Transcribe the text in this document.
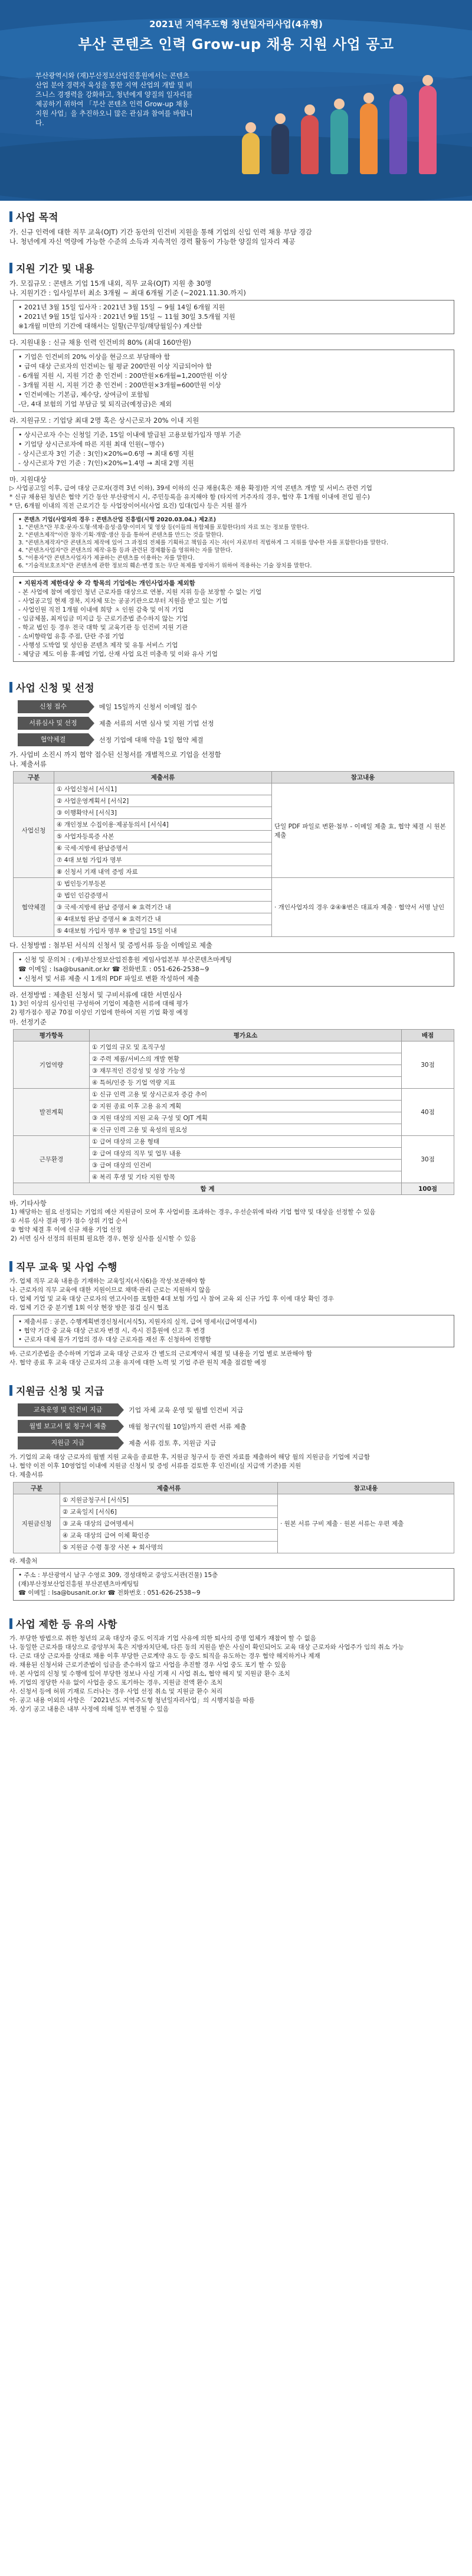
2021년 지역주도형 청년일자리사업(4유형)
부산 콘텐츠 인력 Grow-up 채용 지원 사업 공고
부산광역시와 (재)부산정보산업진흥원에서는 콘텐츠 산업 분야 경력자 육성을 통한 지역 산업의 개발 및 비즈니스 경쟁력을 강화하고, 청년에게 양질의 일자리를 제공하기 위하여 「부산 콘텐츠 인력 Grow-up 채용 지원 사업」을 추진하오니 많은 관심과 참여를 바랍니다.
사업 목적
가. 신규 인력에 대한 직무 교육(OJT) 기간 동안의 인건비 지원을 통해 기업의 신입 인력 채용 부담 경감
나. 청년에게 자신 역량에 가능한 수준의 소득과 지속적인 경력 활동이 가능한 양질의 일자리 제공
지원 기간 및 내용
가. 모집규모 : 콘텐츠 기업 15개 내외, 직무 교육(OJT) 지원 총 30명
나. 지원기간 : 입사일부터 최소 3개월 ~ 최대 6개월 기준 (~2021.11.30.까지)
• 2021년 3월 15일 입사자 : 2021년 3월 15일 ~ 9월 14일 6개월 지원
• 2021년 9월 15일 입사자 : 2021년 9월 15일 ~ 11월 30일 3.5개월 지원
※1개월 미만의 기간에 대해서는 일할(근무일/해당월일수) 계산함
다. 지원내용 : 신규 채용 인력 인건비의 80% (최대 160만원)
• 기업은 인건비의 20% 이상을 현금으로 부담해야 함
• 급여 대상 근로자의 인건비는 월 평균 200만원 이상 지급되어야 함
- 6개월 지원 시, 지원 기간 총 인건비 : 200만원×6개월=1,200만원 이상
- 3개월 지원 시, 지원 기간 총 인건비 : 200만원×3개월=600만원 이상
• 인건비에는 기본급, 제수당, 상여금이 포함됨
-단, 4대 보험의 기업 부담금 및 퇴직금(예정금)은 제외
라. 지원규모 : 기업당 최대 2명 혹은 상시근로자 20% 이내 지원
• 상시근로자 수는 신청일 기준, 15일 이내에 발급된 고용보험가입자 명부 기준
• 기업당 상시근로자에 따른 지원 최대 인원(~명수)
- 상시근로자 3인 기준 : 3(인)×20%=0.6명 → 최대 6명 지원
- 상시근로자 7인 기준 : 7(인)×20%=1.4명 → 최대 2명 지원
마. 지원대상
▷ 사업공고일 이후, 급여 대상 근로자(경력 3년 이하), 39세 이하의 신규 채용(혹은 채용 확정)한 지역 콘텐츠 개발 및 서비스 관련 기업
* 신규 채용된 청년은 협약 기간 동안 부산광역시 시, 주민등록을 유지해야 함 (타지역 거주자의 경우, 협약 후 1개월 이내에 전입 필수)
* 단, 6개월 이내의 직전 근로기간 등 사업장이어서(사업 요건) 입대(입사 등은 지원 불가
• 콘텐츠 기업(사업자의 경우 : 콘텐츠산업 진흥법(시행 2020.03.04.) 제2조)
1. "콘텐츠"란 부호·문자·도형·색채·음성·음향·이미지 및 영상 등(이들의 복합체를 포함한다)의 자료 또는 정보를 말한다.
2. "콘텐츠제작"이란 창작·기획·개발·생산 등을 통하여 콘텐츠를 만드는 것을 말한다.
3. "콘텐츠제작자"란 콘텐츠의 제작에 있어 그 과정의 전체를 기획하고 책임을 지는 자(이 자로부터 적법하게 그 지위를 양수한 자를 포함한다)를 말한다.
4. "콘텐츠사업자"란 콘텐츠의 제작·유통 등과 관련된 경제활동을 영위하는 자를 말한다.
5. "이용자"란 콘텐츠사업자가 제공하는 콘텐츠를 이용하는 자를 말한다.
6. "기술적보호조치"란 콘텐츠에 관한 정보의 훼손·변경 또는 무단 복제를 방지하기 위하여 적용하는 기술 장치를 말한다.
• 지원자격 제한대상 ※ 각 항목의 기업에는 개인사업자를 제외함
- 본 사업에 참여 예정인 청년 근로자를 대상으로 연봉, 지원 지위 등을 보장할 수 없는 기업
- 사업공고일 현재 경북, 지자체 또는 공공기관으로부터 지원을 받고 있는 기업
- 사업인원 직전 1개월 이내에 희망 ㅊ 인원 감축 및 이직 기업
- 임금체불, 최저임금 미지급 등 근로기준법 준수하지 않는 기업
- 학교 법인 등 경우 전국 대학 및 교육기관 등 인건비 지원 기관
- 소비향락업 유흥 주점, 단란 주점 기업
- 사행성 도박업 및 성인용 콘텐츠 제작 및 유통 서비스 기업
- 체당금 제도 이용 휴·폐업 기업, 산재 사업 요건 미충족 및 이와 유사 기업
사업 신청 및 선정
신청 접수	메일 15일까지 신청서 이메일 접수
서류심사 및 선정	제출 서류의 서면 심사 및 지원 기업 선정
협약체결	선정 기업에 대해 약을 1일 협약 체결
가. 사업비 소진시 까지 협약 접수된 신청서를 개별적으로 기업을 선정함
나. 제출서류
구분	제출서류	참고내용
사업신청	① 사업신청서 [서식1]	단일 PDF 파일로 변환·첨부 - 이메일 제출 효, 협약 체결 시 원본 제출
	② 사업운영계획서 [서식2]	
	③ 이행확약서 [서식3]	
	④ 개인정보 수집이용·제공동의서 [서식4]	
	⑤ 사업자등록증 사본	
	⑥ 국세·지방세 완납증명서	
	⑦ 4대 보험 가입자 명부	
	⑧ 신청서 기재 내역 증빙 자료	
협약체결	① 법인등기부등본	· 개인사업자의 경우 ②④⑧번은 대표자 제출 · 협약서 서명 날인
	② 법인 인감증명서	
	③ 국세·지방세 완납 증명서 ※ 효력기간 내	
	④ 4대보험 완납 증명서 ※ 효력기간 내	
	⑤ 4대보험 가입자 명부 ※ 발급일 15일 이내	
다. 신청방법 : 첨부된 서식의 신청서 및 증빙서류 등을 이메일로 제출
• 신청 및 문의처 : (재)부산정보산업진흥원 게임사업본부 부산콘텐츠마케팅
☎ 이메일 : lsa@busanit.or.kr ☎ 전화번호 : 051-626-2538~9
• 신청서 및 서류 제출 시 1개의 PDF 파일로 변환 작성하여 제출
라. 선정방법 : 제출된 신청서 및 구비서류에 대한 서면심사
1) 3인 이상의 심사인원 구성하여 기업이 제출한 서류에 대해 평가
2) 평가점수 평균 70점 이상인 기업에 한하여 지원 기업 확정 예정
마. 선정기준
평가항목	평가요소	배점
기업역량	① 기업의 규모 및 조직구성	30점
	② 주력 제품/서비스의 개발 현황	
	③ 재무적인 건강성 및 성장 가능성	
	④ 특허/인증 등 기업 역량 지표	
발전계획	① 신규 인력 고용 및 상시근로자 증감 추이	40점
	② 지원 종료 이후 고용 유지 계획	
	③ 지원 대상의 지원 교육 구성 및 OJT 계획	
	④ 신규 인력 고용 및 육성의 필요성	
근무환경	① 급여 대상의 고용 형태	30점
	② 급여 대상의 직무 및 업무 내용	
	③ 급여 대상의 인건비	
	④ 복리 후생 및 기타 지원 항목	
합 계		100점
바. 기타사항
1) 해당하는 필요 선정되는 기업의 예산 지원금이 모여 후 사업비를 조과하는 경우, 우선순위에 따라 기업 협약 및 대상을 선정할 수 있음
① 서류 심사 결과 평가 점수 상위 기업 순서
② 협약 체결 후 이에 신규 채용 기업 선정
2) 서면 심사 선정의 위원회 필요한 경우, 현장 실사를 실시할 수 있음
직무 교육 및 사업 수행
가. 업체 직무 교육 내용을 기재하는 교육일지(서식6)을 작성·보관해야 함
나. 근로자의 직무 교육에 대한 지원이므로 채택·관리 근로는 지원하지 않음
다. 업체 기업 및 교육 대상 근로자의 연고사이를 포함한 4대 보험 가입 사 참여 교육 외 신규 가입 후 이에 대상 확인 경우
라. 업체 기간 중 분기별 1회 이상 현장 방문 점검 실시 협조
• 제출서류 : 공문, 수행계획변경신청서(서식5), 지원자의 실적, 급여 명세서(급여명세서)
• 협약 기간 중 교육 대상 근로자 변경 시, 즉시 진흥원에 신고 후 변경
• 근로자 대체 불가 기업의 경우 대상 근로자를 재선 후 신청하여 진행함
바. 근로기준법을 준수하며 기업과 교육 대상 근로자 간 별도의 근로계약서 체결 및 내용을 기업 별로 보관해야 함
사. 협약 종료 후 교육 대상 근로자의 고용 유지에 대한 노력 및 기업 주관 원칙 제출 점검할 예정
지원금 신청 및 지급
교육운영 및 인건비 지급	기업 자체 교육 운영 및 월별 인건비 지급
월별 보고서 및 청구서 제출	매월 청구(익월 10일)까지 관련 서류 제출
지원금 지급	제출 서류 검토 후, 지원금 지급
가. 기업의 교육 대상 근로자의 월별 지원 교육을 종료한 후, 지원금 청구서 등 관련 자료를 제출하여 해당 월의 지원금을 기업에 지급함
나. 협약 이전 이후 10영업일 이내에 지원금 신청서 및 증빙 서류를 검토한 후 인건비(실 지급액 기준)를 지원
다. 제출서류
구분	제출서류	참고내용
지원금신청	① 지원금청구서 [서식5]	· 원본 서류 구비 제출 · 원본 서류는 우편 제출
	② 교육일지 [서식6]	
	③ 교육 대상의 급여명세서	
	④ 교육 대상의 급여 이체 확인증	
	⑤ 지원금 수령 통장 사본 + 회사명의	
라. 제출처
• 주소 : 부산광역시 남구 수영로 309, 경성대학교 중앙도서관(건물) 15층
(재)부산정보산업진흥원 부산콘텐츠마케팅팀
☎ 이메일 : lsa@busanit.or.kr ☎ 전화번호 : 051-626-2538~9
사업 제한 등 유의 사항
가. 부당한 방법으로 취한 청년의 교육 대상자 중도 이직과 기업 사유에 의한 퇴사의 증명 업체가 재참여 할 수 없음
나. 동일한 근로자를 대상으로 중앙부처 혹은 지방자치단체, 다른 동의 지원을 받은 사실이 확인되어도 교육 대상 근로자와 사업주가 임의 취소 가능
다. 근로 대상 근로자를 상대로 채용 이후 부당한 근로계약 유도 등 중도 퇴직을 유도하는 경우 협약 해지하거나 제재
라. 채용된 신청서와 근로기준법이 임금을 준수하지 않고 사업을 추진할 경우 사업 중도 포기 할 수 있음
마. 본 사업의 신청 및 수행에 있어 부당한 정보나 사실 기재 시 사업 취소, 협약 해지 및 지원금 환수 조치
바. 기업의 정당한 사유 없이 사업을 중도 포기하는 경우, 지원금 전액 환수 조치
사. 신청서 등에 허위 기재로 드러나는 경우 사업 선정 취소 및 지원금 환수 처리
아. 공고 내용 이외의 사항은 「2021년도 지역주도형 청년일자리사업」의 시행지침을 따름
자. 상기 공고 내용은 내부 사정에 의해 일부 변경될 수 있음
